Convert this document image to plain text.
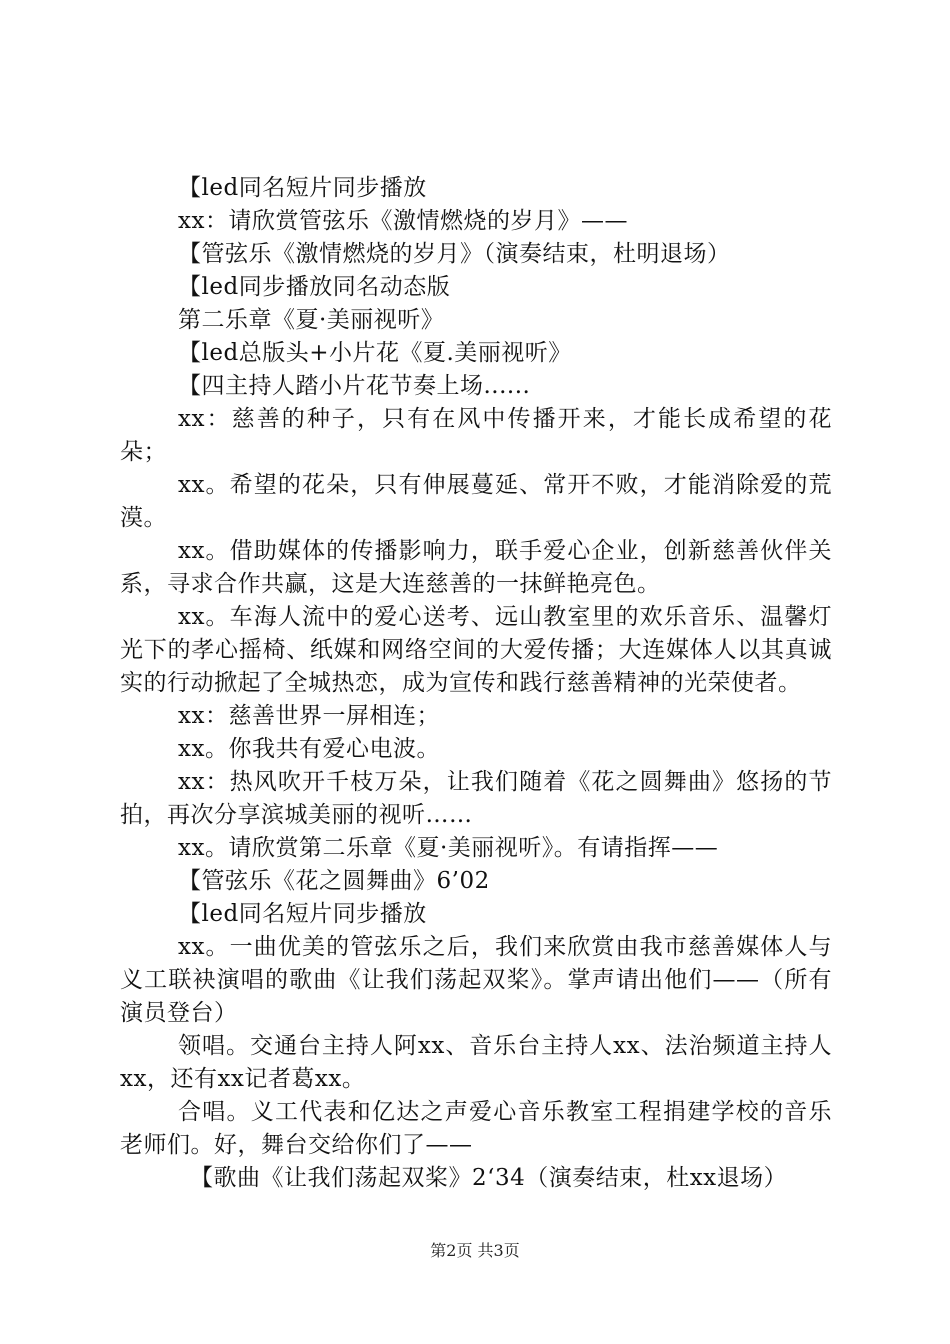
【led同名短片同步播放

xx：请欣赏管弦乐《激情燃烧的岁月》——

【管弦乐《激情燃烧的岁月》（演奏结束，杜明退场）

【led同步播放同名动态版

第二乐章《夏·美丽视听》

【led总版头+小片花《夏.美丽视听》

【四主持人踏小片花节奏上场......

xx：慈善的种子，只有在风中传播开来，才能长成希望的花朵；

xx。希望的花朵，只有伸展蔓延、常开不败，才能消除爱的荒漠。

xx。借助媒体的传播影响力，联手爱心企业，创新慈善伙伴关系，寻求合作共赢，这是大连慈善的一抹鲜艳亮色。

xx。车海人流中的爱心送考、远山教室里的欢乐音乐、温馨灯光下的孝心摇椅、纸媒和网络空间的大爱传播；大连媒体人以其真诚实的行动掀起了全城热恋，成为宣传和践行慈善精神的光荣使者。

xx：慈善世界一屏相连；

xx。你我共有爱心电波。

xx：热风吹开千枝万朵，让我们随着《花之圆舞曲》悠扬的节拍，再次分享滨城美丽的视听……

xx。请欣赏第二乐章《夏·美丽视听》。有请指挥——

【管弦乐《花之圆舞曲》6’02

【led同名短片同步播放

xx。一曲优美的管弦乐之后，我们来欣赏由我市慈善媒体人与义工联袂演唱的歌曲《让我们荡起双桨》。掌声请出他们——（所有演员登台）

领唱。交通台主持人阿xx、音乐台主持人xx、法治频道主持人xx，还有xx记者葛xx。

合唱。义工代表和亿达之声爱心音乐教室工程捐建学校的音乐老师们。好，舞台交给你们了——

【歌曲《让我们荡起双桨》2‘34（演奏结束，杜xx退场）

第2页 共3页
